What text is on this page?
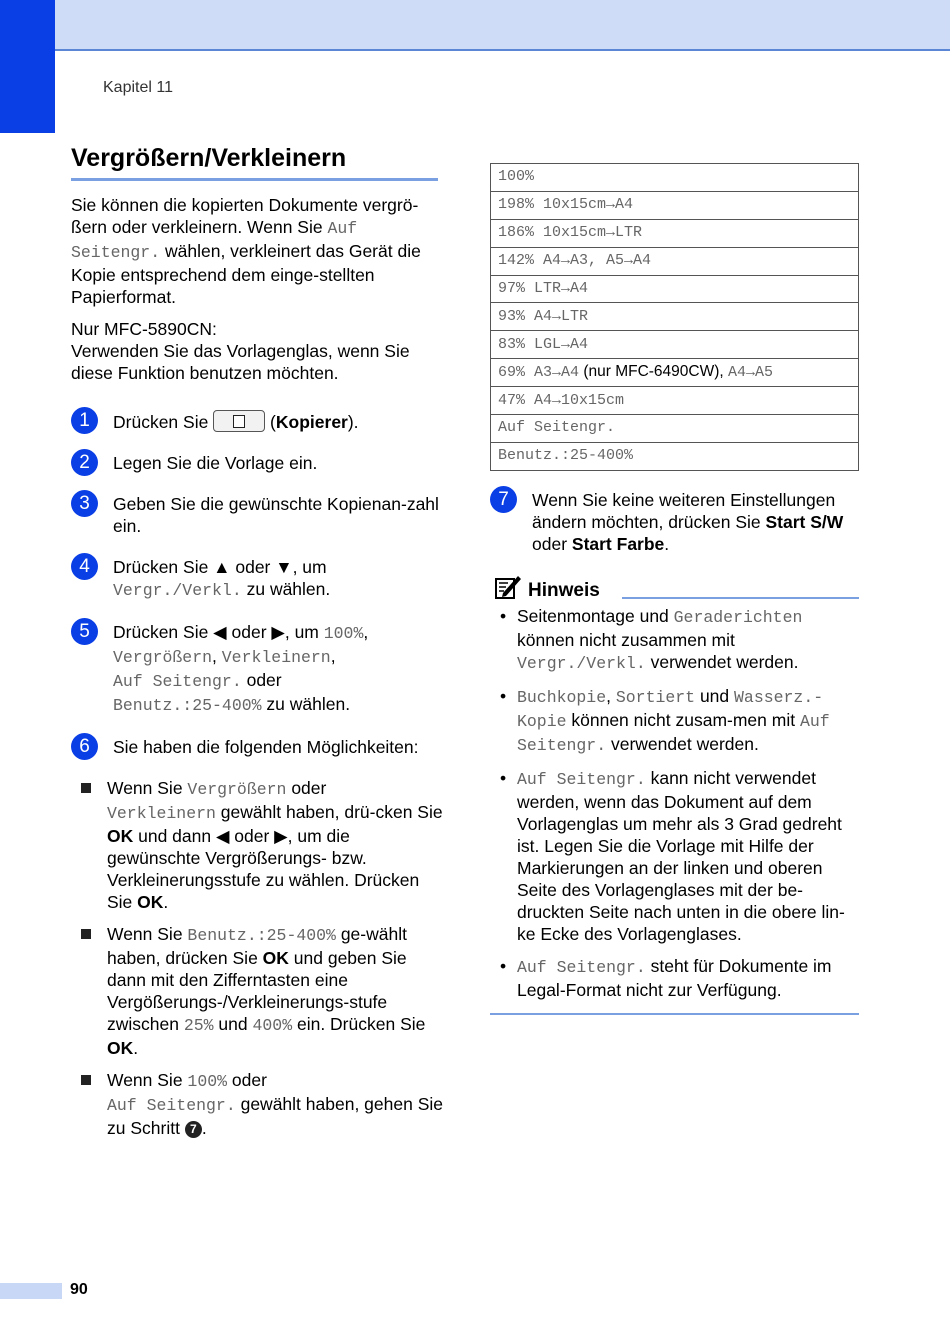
Kapitel 11
Vergrößern/Verkleinern

Sie können die kopierten Dokumente vergrö-ßern oder verkleinern. Wenn Sie Auf Seitengr. wählen, verkleinert das Gerät die Kopie entsprechend dem einge-stellten Papierformat.

Nur MFC-5890CN:
Verwenden Sie das Vorlagenglas, wenn Sie diese Funktion benutzen möchten.

1	Drücken Sie	(Kopierer).
2	Legen Sie die Vorlage ein.
3	Geben Sie die gewünschte Kopienan-zahl ein.
4	Drücken Sie ▲ oder ▼, um
Vergr./Verkl. zu wählen.
5	Drücken Sie ◀ oder ▶, um 100%,
Vergrößern, Verkleinern,
Auf Seitengr. oder
Benutz.:25-400% zu wählen.
6	Sie haben die folgenden Möglichkeiten:
Wenn Sie Vergrößern oder
Verkleinern gewählt haben, drü-cken Sie OK und dann ◀ oder ▶, um die gewünschte Vergrößerungs- bzw. Verkleinerungsstufe zu wählen. Drücken Sie OK.
Wenn Sie Benutz.:25-400% ge-wählt haben, drücken Sie OK und geben Sie dann mit den Zifferntasten eine Vergößerungs-/Verkleinerungs-stufe zwischen 25% und 400% ein. Drücken Sie OK.
Wenn Sie 100% oder
Auf Seitengr. gewählt haben, gehen Sie zu Schritt 7 .
100%
198% 10x15cm→A4
186% 10x15cm→LTR
142% A4→A3, A5→A4
97% LTR→A4
93% A4→LTR
83% LGL→A4
69% A3→A4 (nur MFC-6490CW), A4→A5
47% A4→10x15cm
Auf Seitengr.
Benutz.:25-400%
7	Wenn Sie keine weiteren Einstellungen ändern möchten, drücken Sie Start S/W oder Start Farbe.
Hinweis
• Seitenmontage und Geraderichten können nicht zusammen mit Vergr./Verkl. verwendet werden.
• Buchkopie, Sortiert und Wasserz.-Kopie können nicht zusam-men mit Auf Seitengr. verwendet werden.
• Auf Seitengr. kann nicht verwendet werden, wenn das Dokument auf dem Vorlagenglas um mehr als 3 Grad gedreht ist. Legen Sie die Vorlage mit Hilfe der Markierungen an der linken und oberen Seite des Vorlagenglases mit der be-druckten Seite nach unten in die obere lin-ke Ecke des Vorlagenglases.
• Auf Seitengr. steht für Dokumente im Legal-Format nicht zur Verfügung.
90
